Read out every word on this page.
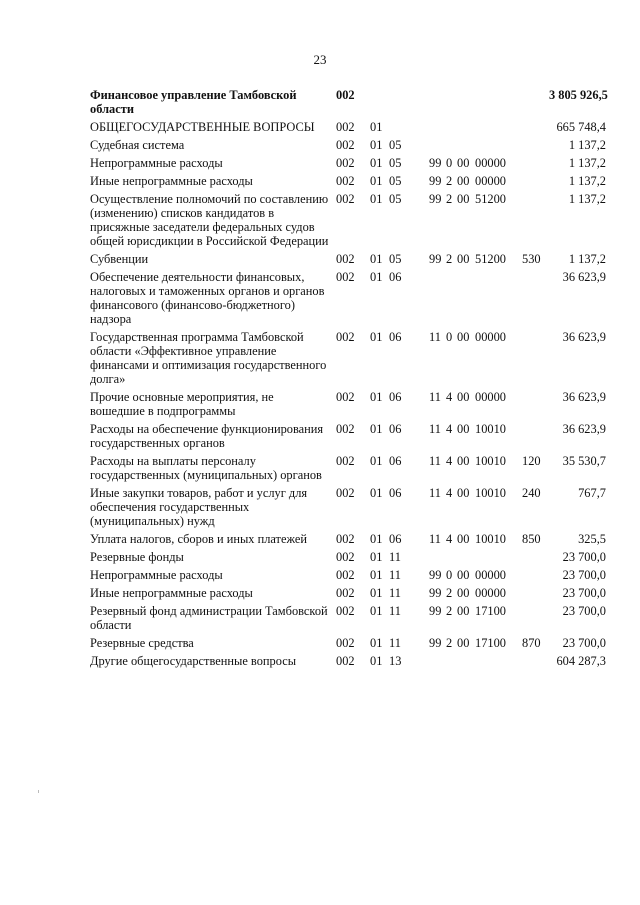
23
Финансовое управление Тамбовской области	002								3 805 926,5
ОБЩЕГОСУДАРСТВЕННЫЕ ВОПРОСЫ	002	01							665 748,4
Судебная система	002	01	05						1 137,2
Непрограммные расходы	002	01	05	99	0	00	00000		1 137,2
Иные непрограммные расходы	002	01	05	99	2	00	00000		1 137,2
Осуществление полномочий по составлению (изменению) списков кандидатов в присяжные заседатели федеральных судов общей юрисдикции в Российской Федерации	002	01	05	99	2	00	51200		1 137,2
Субвенции	002	01	05	99	2	00	51200	530	1 137,2
Обеспечение деятельности финансовых, налоговых и таможенных органов и органов финансового (финансово-бюджетного) надзора	002	01	06						36 623,9
Государственная программа Тамбовской области «Эффективное управление финансами и оптимизация государственного долга»	002	01	06	11	0	00	00000		36 623,9
Прочие основные мероприятия, не вошедшие в подпрограммы	002	01	06	11	4	00	00000		36 623,9
Расходы на обеспечение функционирования государственных органов	002	01	06	11	4	00	10010		36 623,9
Расходы на выплаты персоналу государственных (муниципальных) органов	002	01	06	11	4	00	10010	120	35 530,7
Иные закупки товаров, работ и услуг для обеспечения государственных (муниципальных) нужд	002	01	06	11	4	00	10010	240	767,7
Уплата налогов, сборов и иных платежей	002	01	06	11	4	00	10010	850	325,5
Резервные фонды	002	01	11						23 700,0
Непрограммные расходы	002	01	11	99	0	00	00000		23 700,0
Иные непрограммные расходы	002	01	11	99	2	00	00000		23 700,0
Резервный фонд администрации Тамбовской области	002	01	11	99	2	00	17100		23 700,0
Резервные средства	002	01	11	99	2	00	17100	870	23 700,0
Другие общегосударственные вопросы	002	01	13						604 287,3
